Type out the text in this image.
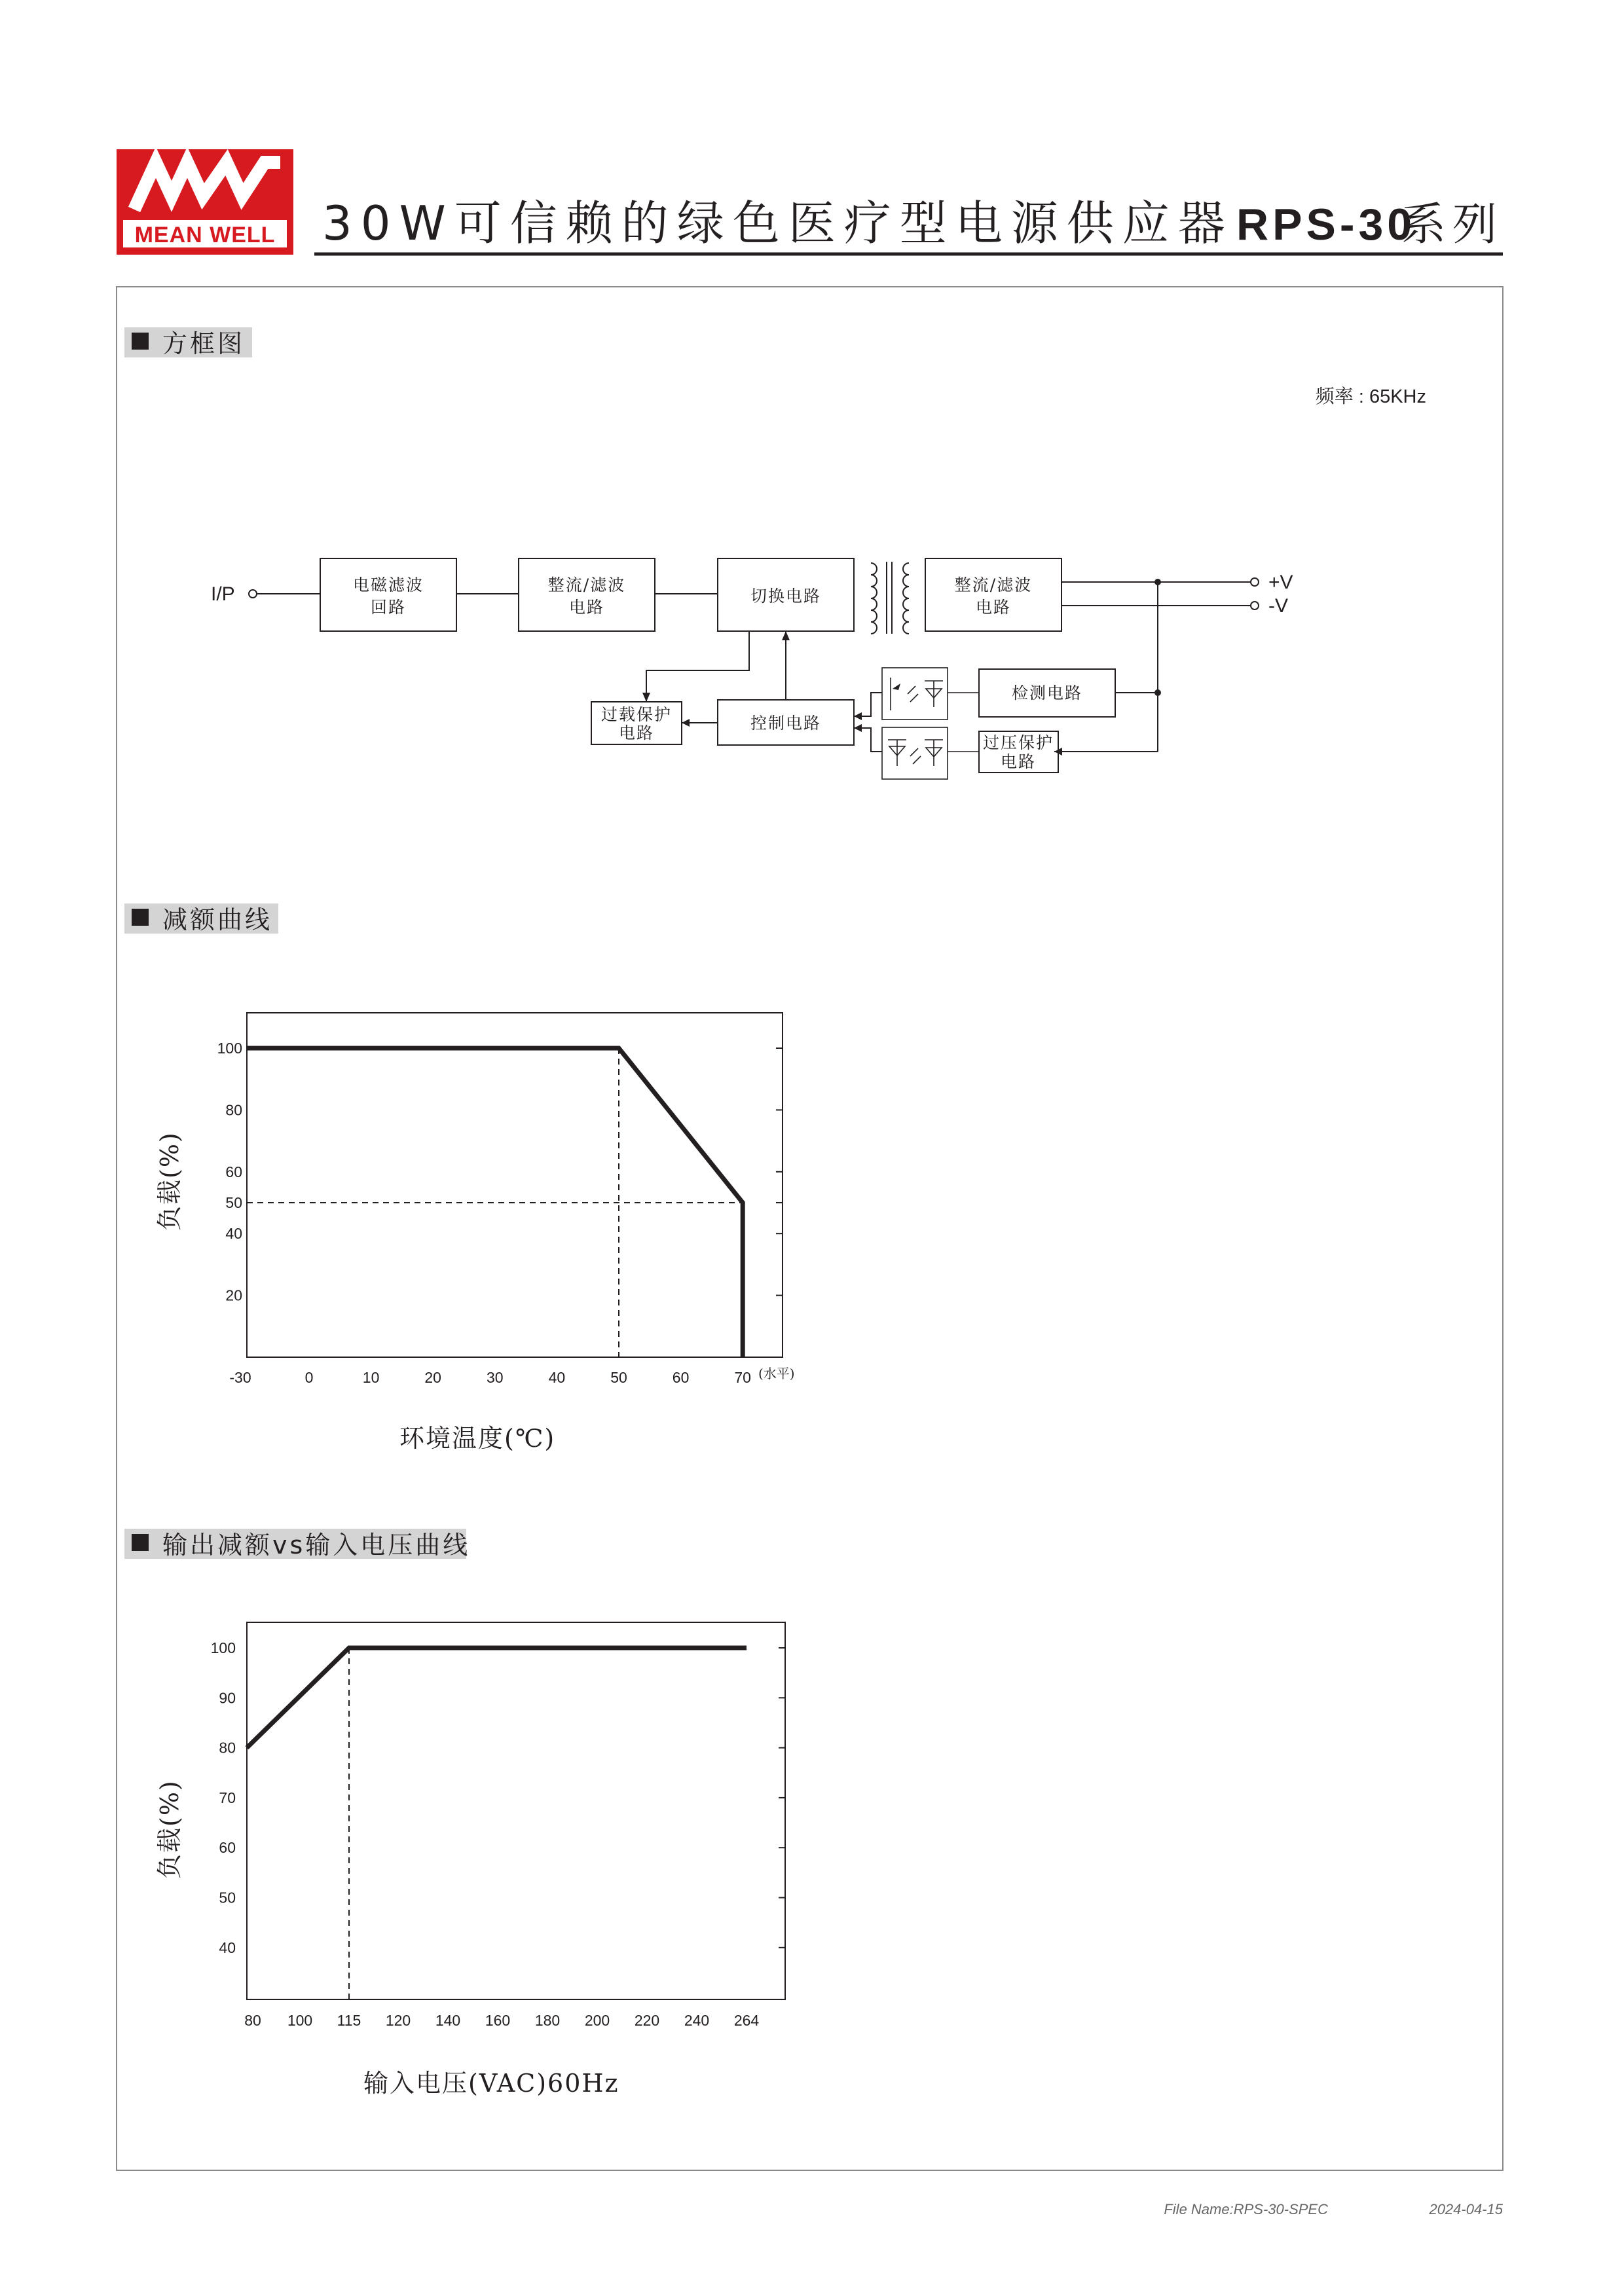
MEAN WELL 30W可信赖的绿色医疗型电源供应器 RPS-30
系列
方框图
频率 : 65KHz
I/P	电磁滤波
回路
整流/滤波
电路
切换电路
整流/滤波
电路
+V
-V
检测电路
过压保护
电路
控制电路
过载保护
电路
减额曲线
-30	0	10	20	30	40	50	60	70
100
80
60
50
40
20
负载(%)
环境温度(℃)
(水平)
输出减额vs输入电压曲线
80 100 115 120 140 160 180 200 220 240 264
100
90
80
70
60
50
40
负载(%)
输入电压(VAC)60Hz
File Name:RPS-30-SPEC	2024-04-15
